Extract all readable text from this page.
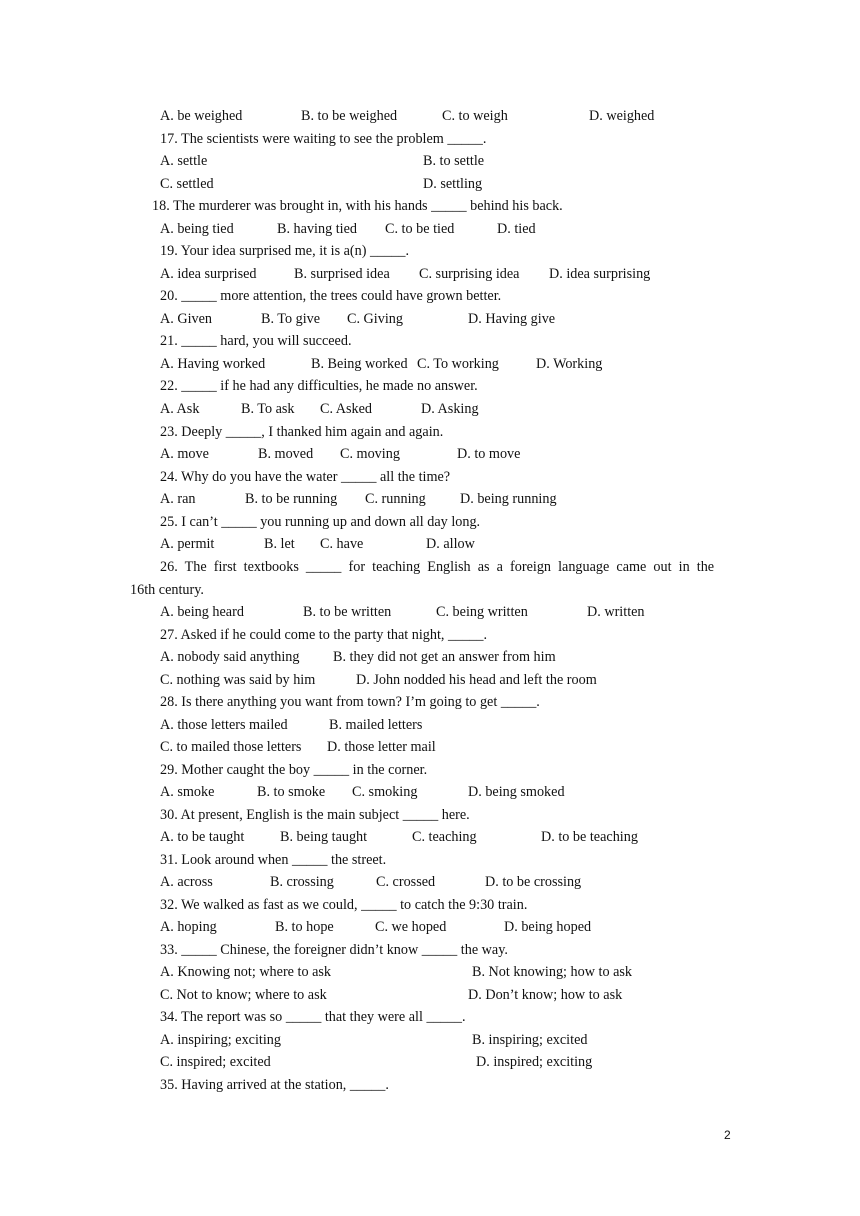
A. be weighed	B. to be weighed	C. to weigh	D. weighed
17. The scientists were waiting to see the problem _____.
A. settle	B. to settle
C. settled	D. settling
18. The murderer was brought in, with his hands _____ behind his back.
A. being tied	B. having tied C. to be tied	D. tied
19. Your idea surprised me, it is a(n) _____.
A. idea surprised	B. surprised idea C. surprising idea D. idea surprising
20. _____ more attention, the trees could have grown better.
A. Given	B. To give C. Giving	D. Having give
21. _____ hard, you will succeed.
A. Having worked	B. Being worked C. To working	D. Working
22. _____ if he had any difficulties, he made no answer.
A. Ask	B. To ask C. Asked	D. Asking
23. Deeply _____, I thanked him again and again.
A. move	B. moved C. moving	D. to move
24. Why do you have the water _____ all the time?
A. ran	B. to be running C. running D. being running
25. I can’t _____ you running up and down all day long.
A. permit	B. let C. have	D. allow
26.  The  first  textbooks  _____  for  teaching  English  as  a  foreign  language  came  out  in  the
16th century.
A. being heard	B. to be written	C. being written	D. written
27. Asked if he could come to the party that night, _____.
A. nobody said anything B. they did not get an answer from him
C. nothing was said by him	D. John nodded his head and left the room
28. Is there anything you want from town? I’m going to get _____.
A. those letters mailed	B. mailed letters
C. to mailed those letters D. those letter mail
29. Mother caught the boy _____ in the corner.
A. smoke	B. to smoke C. smoking	D. being smoked
30. At present, English is the main subject _____ here.
A. to be taught	B. being taught	C. teaching	D. to be teaching
31. Look around when _____ the street.
A. across	B. crossing	C. crossed	D. to be crossing
32. We walked as fast as we could, _____ to catch the 9:30 train.
A. hoping	B. to hope	C. we hoped	D. being hoped
33. _____ Chinese, the foreigner didn’t know _____ the way.
A. Knowing not; where to ask	B. Not knowing; how to ask
C. Not to know; where to ask	D. Don’t know; how to ask
34. The report was so _____ that they were all _____.
A. inspiring; exciting	B. inspiring; excited
C. inspired; excited	D. inspired; exciting
35. Having arrived at the station, _____.
2
